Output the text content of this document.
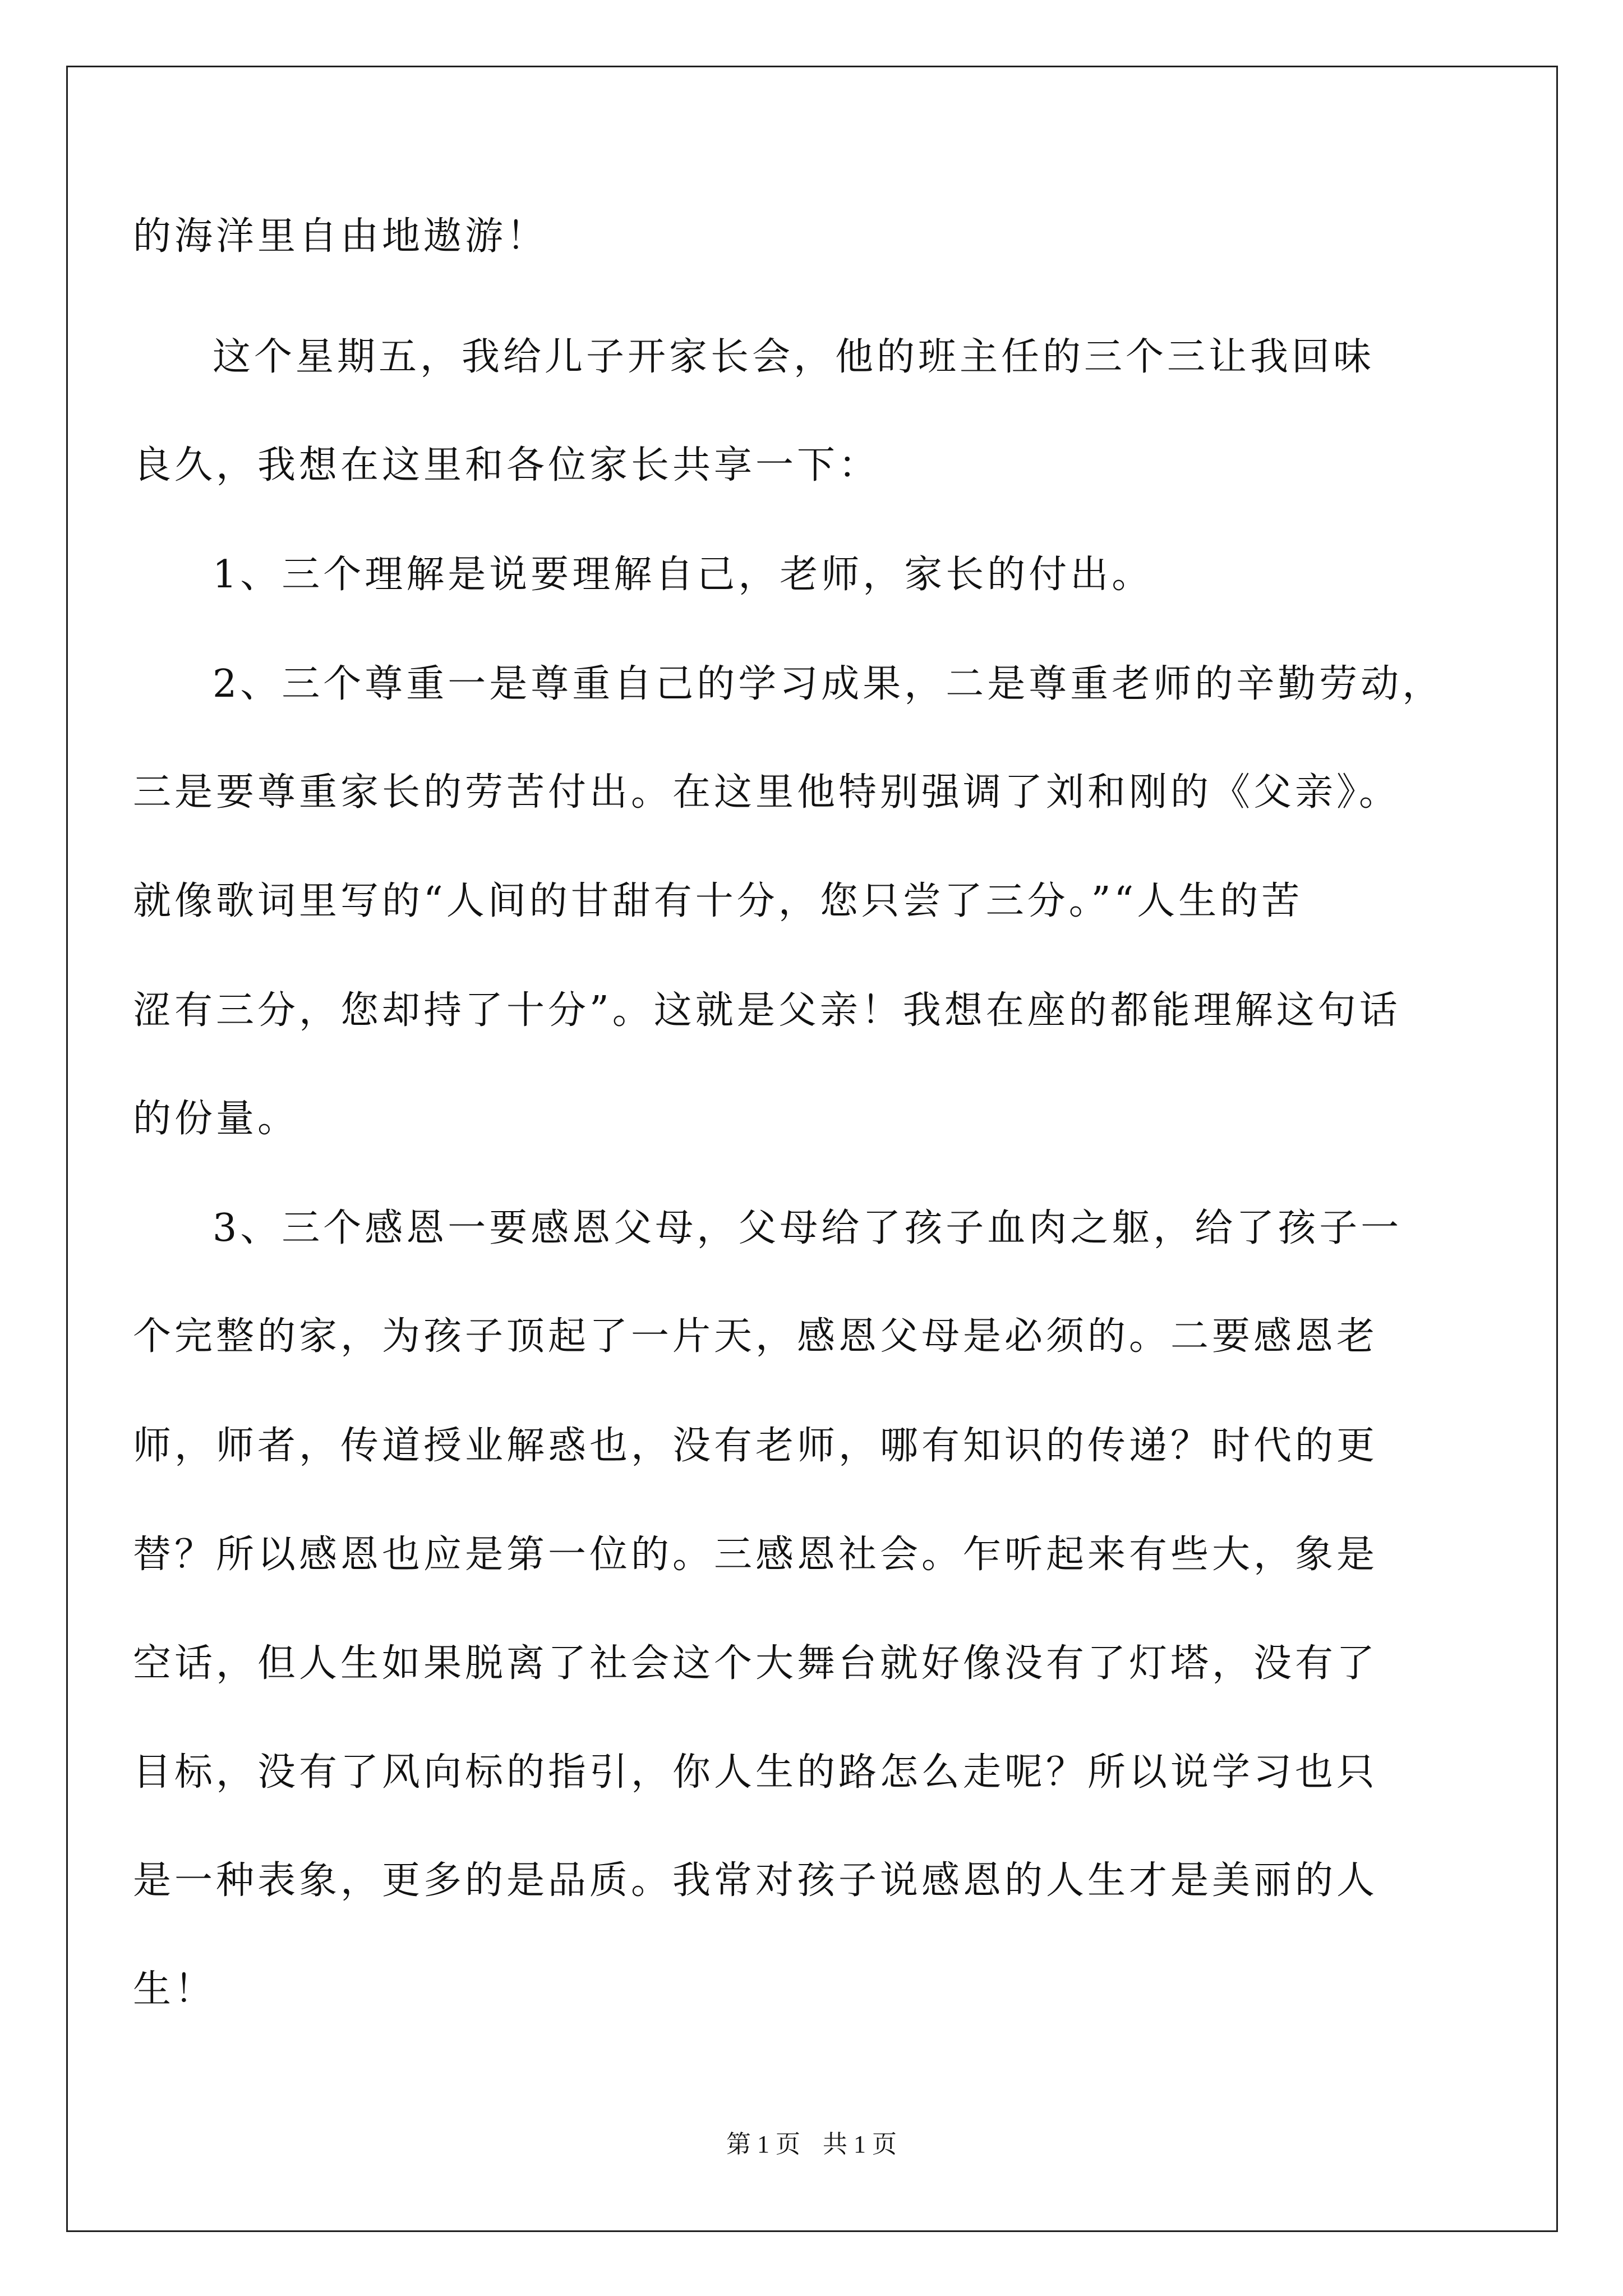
的海洋里自由地遨游！
这个星期五，我给儿子开家长会，他的班主任的三个三让我回味
良久，我想在这里和各位家长共享一下：
1、三个理解是说要理解自己，老师，家长的付出。
2、三个尊重一是尊重自己的学习成果，二是尊重老师的辛勤劳动，
三是要尊重家长的劳苦付出。在这里他特别强调了刘和刚的《父亲》。
就像歌词里写的“人间的甘甜有十分，您只尝了三分。”“人生的苦
涩有三分，您却持了十分”。这就是父亲！我想在座的都能理解这句话
的份量。
3、三个感恩一要感恩父母，父母给了孩子血肉之躯，给了孩子一
个完整的家，为孩子顶起了一片天，感恩父母是必须的。二要感恩老
师，师者，传道授业解惑也，没有老师，哪有知识的传递？时代的更
替？所以感恩也应是第一位的。三感恩社会。乍听起来有些大，象是
空话，但人生如果脱离了社会这个大舞台就好像没有了灯塔，没有了
目标，没有了风向标的指引，你人生的路怎么走呢？所以说学习也只
是一种表象，更多的是品质。我常对孩子说感恩的人生才是美丽的人
生！
第 1 页 共 1 页
